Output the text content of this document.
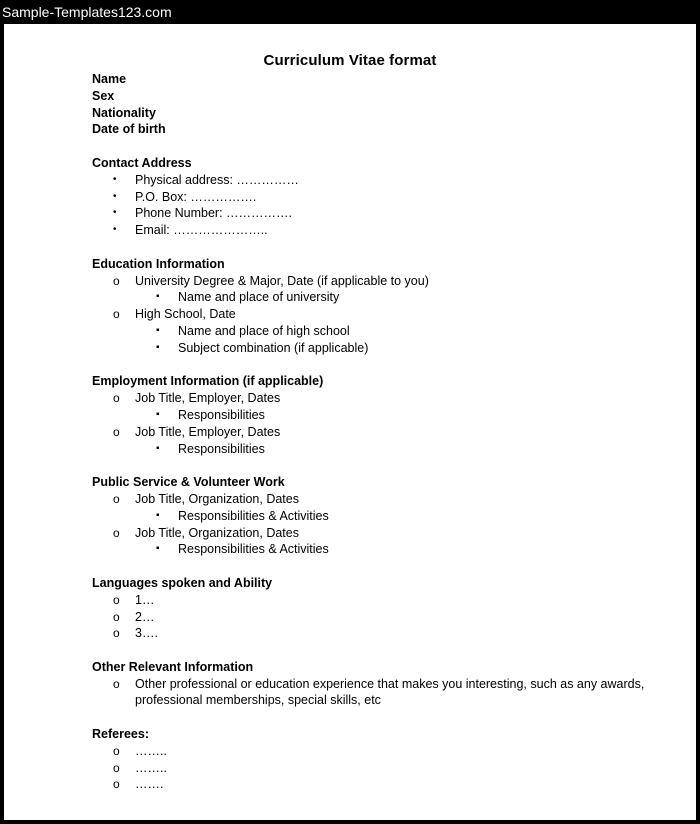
Sample-Templates123.com
Curriculum Vitae format
Name
Sex
Nationality
Date of birth
Contact Address
• Physical address: ……………
• P.O. Box: …………….
• Phone Number: …………….
• Email: …………………..
Education Information
o University Degree & Major, Date (if applicable to you)
▪ Name and place of university
o High School, Date
▪ Name and place of high school
▪ Subject combination (if applicable)
Employment Information (if applicable)
o Job Title, Employer, Dates
▪ Responsibilities
o Job Title, Employer, Dates
▪ Responsibilities
Public Service & Volunteer Work
o Job Title, Organization, Dates
▪ Responsibilities & Activities
o Job Title, Organization, Dates
▪ Responsibilities & Activities
Languages spoken and Ability
o 1…
o 2…
o 3….
Other Relevant Information
o Other professional or education experience that makes you interesting, such as any awards, professional memberships, special skills, etc
Referees:
o ……..
o ……..
o …….
